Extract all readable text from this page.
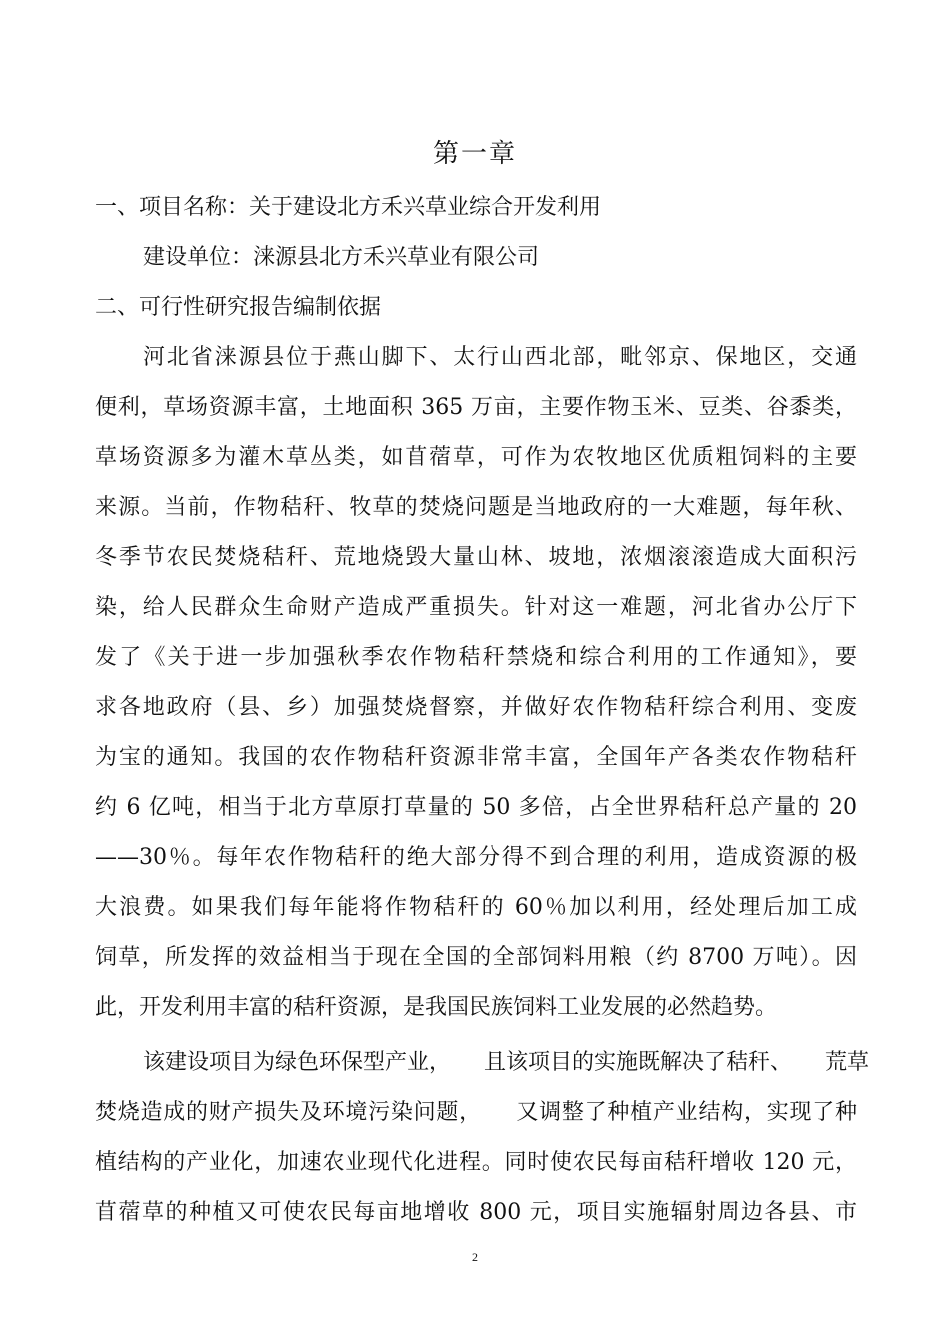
第一章
一、项目名称：关于建设北方禾兴草业综合开发利用
建设单位：涞源县北方禾兴草业有限公司
二、可行性研究报告编制依据
河北省涞源县位于燕山脚下、太行山西北部，毗邻京、保地区，交通
便利，草场资源丰富，土地面积 365 万亩，主要作物玉米、豆类、谷黍类，
草场资源多为灌木草丛类，如苜蓿草，可作为农牧地区优质粗饲料的主要
来源。当前，作物秸秆、牧草的焚烧问题是当地政府的一大难题，每年秋、
冬季节农民焚烧秸秆、荒地烧毁大量山林、坡地，浓烟滚滚造成大面积污
染，给人民群众生命财产造成严重损失。针对这一难题，河北省办公厅下
发了《关于进一步加强秋季农作物秸秆禁烧和综合利用的工作通知》，要
求各地政府（县、乡）加强焚烧督察，并做好农作物秸秆综合利用、变废
为宝的通知。我国的农作物秸秆资源非常丰富，全国年产各类农作物秸秆
约 6 亿吨，相当于北方草原打草量的 50 多倍，占全世界秸秆总产量的 20
——30％。每年农作物秸秆的绝大部分得不到合理的利用，造成资源的极
大浪费。如果我们每年能将作物秸秆的 60％加以利用，经处理后加工成
饲草，所发挥的效益相当于现在全国的全部饲料用粮（约 8700 万吨）。因
此，开发利用丰富的秸秆资源，是我国民族饲料工业发展的必然趋势。
该建设项目为绿色环保型产业，　　且该项目的实施既解决了秸秆、　　荒草
焚烧造成的财产损失及环境污染问题，　　又调整了种植产业结构，实现了种
植结构的产业化，加速农业现代化进程。同时使农民每亩秸秆增收 120 元，
苜蓿草的种植又可使农民每亩地增收 800 元，项目实施辐射周边各县、市
2
